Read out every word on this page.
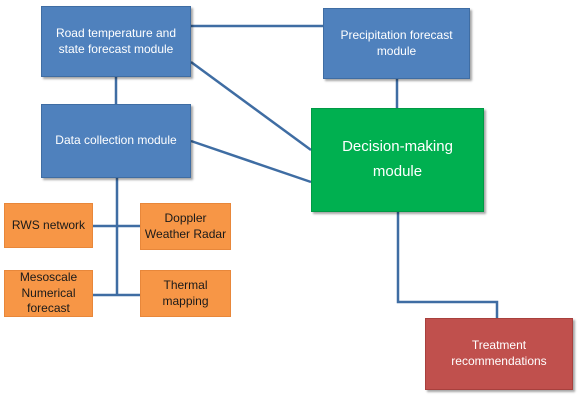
Road temperature and
state forecast module
Precipitation forecast
module
Data collection module	Decision-making
module
RWS network	Doppler
Weather Radar
Mesoscale
Numerical
forecast
Thermal
mapping
Treatment
recommendations
